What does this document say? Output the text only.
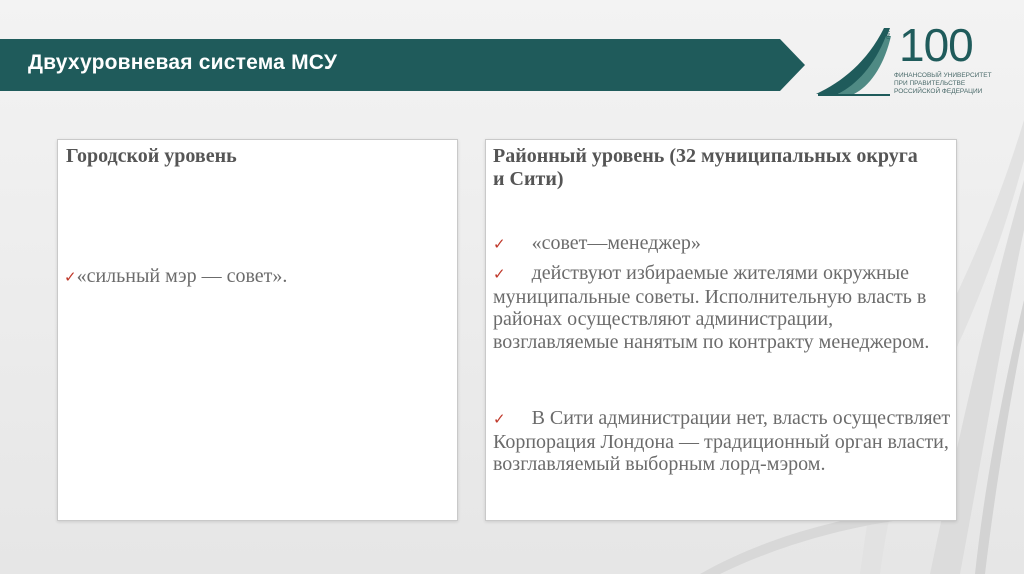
Двухуровневая система МСУ
лет 100
ФИНАНСОВЫЙ УНИВЕРСИТЕТ
ПРИ ПРАВИТЕЛЬСТВЕ
РОССИЙСКОЙ ФЕДЕРАЦИИ
Городской уровень
✓«сильный мэр — совет».
Районный уровень (32 муниципальных округа и Сити)
✓ «совет—менеджер»
✓ действуют избираемые жителями окружные муниципальные советы. Исполнительную власть в районах осуществляют администрации, возглавляемые нанятым по контракту менеджером.
✓ В Сити администрации нет, власть осуществляет Корпорация Лондона — традиционный орган власти, возглавляемый выборным лорд-мэром.
